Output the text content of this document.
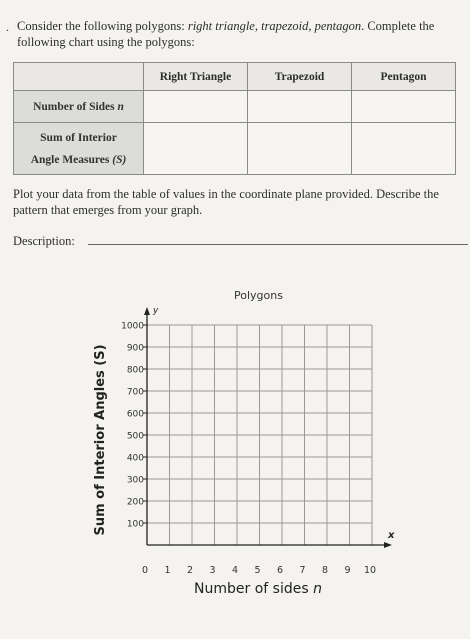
. Consider the following polygons: right triangle, trapezoid, pentagon. Complete the following chart using the polygons:
	Right Triangle	Trapezoid	Pentagon
Number of Sides n			
Sum of Interior
Angle Measures (S)			
Plot your data from the table of values in the coordinate plane provided. Describe the pattern that emerges from your graph.
Description:
Polygons
100
200
300
400
500
600
700
800
900
1000
0 1 2 3 4 5 6 7 8 9 10
Sum of Interior Angles (S)
y
x
Number of sides n
